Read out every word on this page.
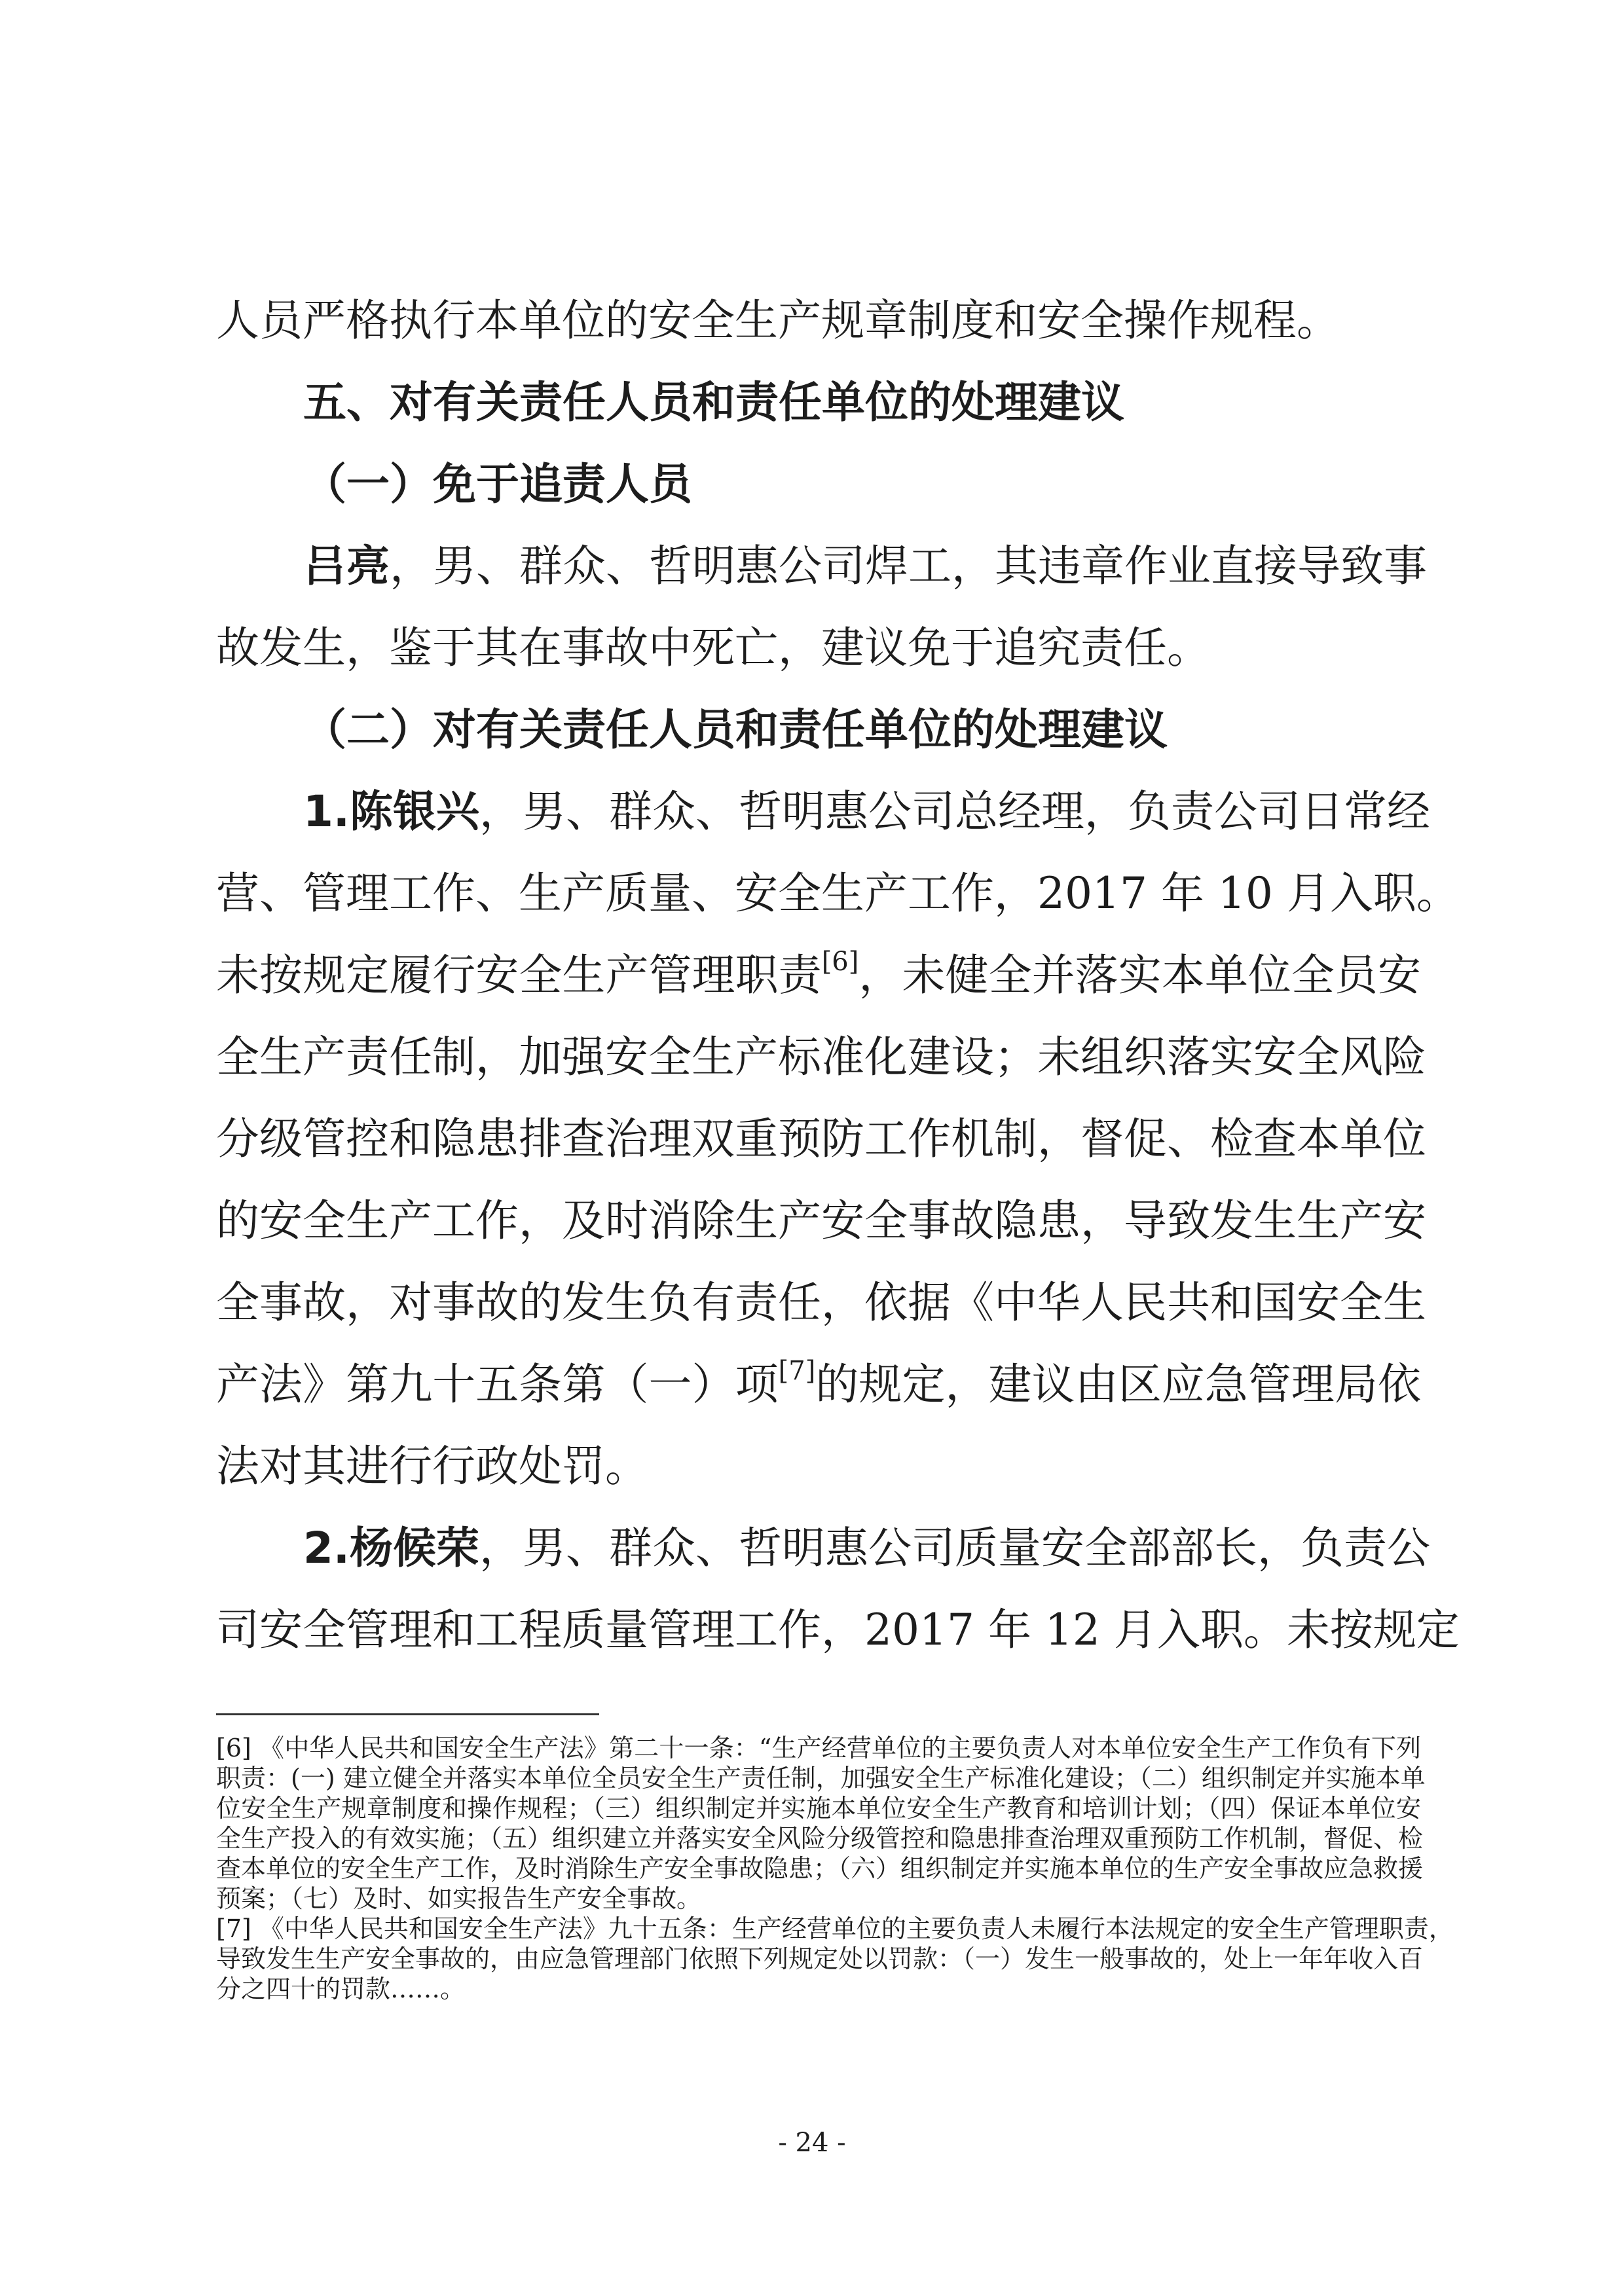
人员严格执行本单位的安全生产规章制度和安全操作规程。
五、对有关责任人员和责任单位的处理建议
（一）免于追责人员
吕亮，男、群众、哲明惠公司焊工，其违章作业直接导致事
故发生，鉴于其在事故中死亡，建议免于追究责任。
（二）对有关责任人员和责任单位的处理建议
1.陈银兴，男、群众、哲明惠公司总经理，负责公司日常经
营、管理工作、生产质量、安全生产工作，2017 年 10 月入职。
未按规定履行安全生产管理职责[6]，未健全并落实本单位全员安
全生产责任制，加强安全生产标准化建设；未组织落实安全风险
分级管控和隐患排查治理双重预防工作机制，督促、检查本单位
的安全生产工作，及时消除生产安全事故隐患，导致发生生产安
全事故，对事故的发生负有责任，依据《中华人民共和国安全生
产法》第九十五条第（一）项[7]的规定，建议由区应急管理局依
法对其进行行政处罚。
2.杨候荣，男、群众、哲明惠公司质量安全部部长，负责公
司安全管理和工程质量管理工作，2017 年 12 月入职。未按规定
[6] 《中华人民共和国安全生产法》第二十一条：“生产经营单位的主要负责人对本单位安全生产工作负有下列
职责：(一) 建立健全并落实本单位全员安全生产责任制，加强安全生产标准化建设；（二）组织制定并实施本单
位安全生产规章制度和操作规程；（三）组织制定并实施本单位安全生产教育和培训计划；（四）保证本单位安
全生产投入的有效实施；（五）组织建立并落实安全风险分级管控和隐患排查治理双重预防工作机制，督促、检
查本单位的安全生产工作，及时消除生产安全事故隐患；（六）组织制定并实施本单位的生产安全事故应急救援
预案；（七）及时、如实报告生产安全事故。
[7] 《中华人民共和国安全生产法》九十五条：生产经营单位的主要负责人未履行本法规定的安全生产管理职责，
导致发生生产安全事故的，由应急管理部门依照下列规定处以罚款：（一）发生一般事故的，处上一年年收入百
分之四十的罚款……。
- 24 -
